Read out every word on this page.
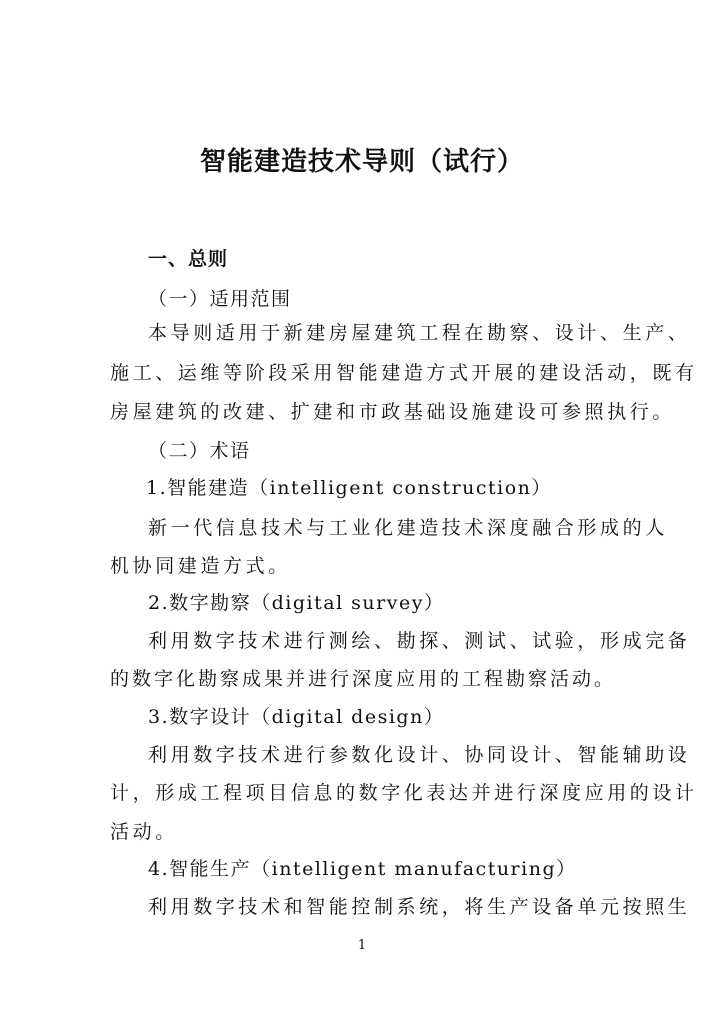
智能建造技术导则（试行）
一、总则
（一）适用范围
本导则适用于新建房屋建筑工程在勘察、设计、生产、
施工、运维等阶段采用智能建造方式开展的建设活动，既有
房屋建筑的改建、扩建和市政基础设施建设可参照执行。
（二）术语
1.智能建造（intelligent construction）
新一代信息技术与工业化建造技术深度融合形成的人
机协同建造方式。
2.数字勘察（digital survey）
利用数字技术进行测绘、勘探、测试、试验，形成完备
的数字化勘察成果并进行深度应用的工程勘察活动。
3.数字设计（digital design）
利用数字技术进行参数化设计、协同设计、智能辅助设
计，形成工程项目信息的数字化表达并进行深度应用的设计
活动。
4.智能生产（intelligent manufacturing）
利用数字技术和智能控制系统，将生产设备单元按照生
1
